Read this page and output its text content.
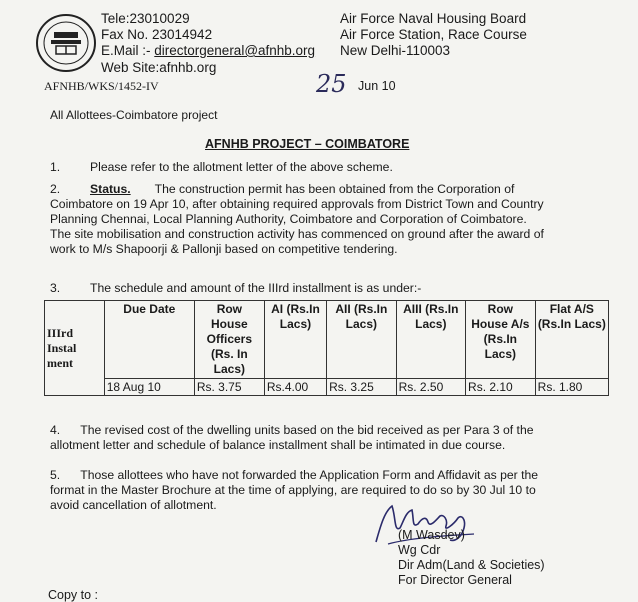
Tele:23010029
Fax No. 23014942
E.Mail :- directorgeneral@afnhb.org
Web Site:afnhb.org
Air Force Naval Housing Board
Air Force Station, Race Course
New Delhi-110003
AFNHB/WKS/1452-IV	25 Jun 10
All Allottees-Coimbatore project
AFNHB PROJECT – COIMBATORE
1. Please refer to the allotment letter of the above scheme.
2. Status. The construction permit has been obtained from the Corporation of
Coimbatore on 19 Apr 10, after obtaining required approvals from District Town and Country
Planning Chennai, Local Planning Authority, Coimbatore and Corporation of Coimbatore.
The site mobilisation and construction activity has commenced on ground after the award of
work to M/s Shapoorji & Pallonji based on competitive tendering.
3. The schedule and amount of the IIIrd installment is as under:-
IIIrd Instal ment	Due Date	Row House Officers (Rs. In Lacs)	AI (Rs.In Lacs)	AII (Rs.In Lacs)	AIII (Rs.In Lacs)	Row House A/s (Rs.In Lacs)	Flat A/S (Rs.In Lacs)
	18 Aug 10	Rs. 3.75	Rs.4.00	Rs. 3.25	Rs. 2.50	Rs. 2.10	Rs. 1.80
4.      The revised cost of the dwelling units based on the bid received as per Para 3 of the
allotment letter and schedule of balance installment shall be intimated in due course.
5.      Those allottees who have not forwarded the Application Form and Affidavit as per the
format in the Master Brochure at the time of applying, are required to do so by 30 Jul 10 to
avoid cancellation of allotment.
(M Wasdev)
Wg Cdr
Dir Adm(Land & Societies)
For Director General
Copy to :
